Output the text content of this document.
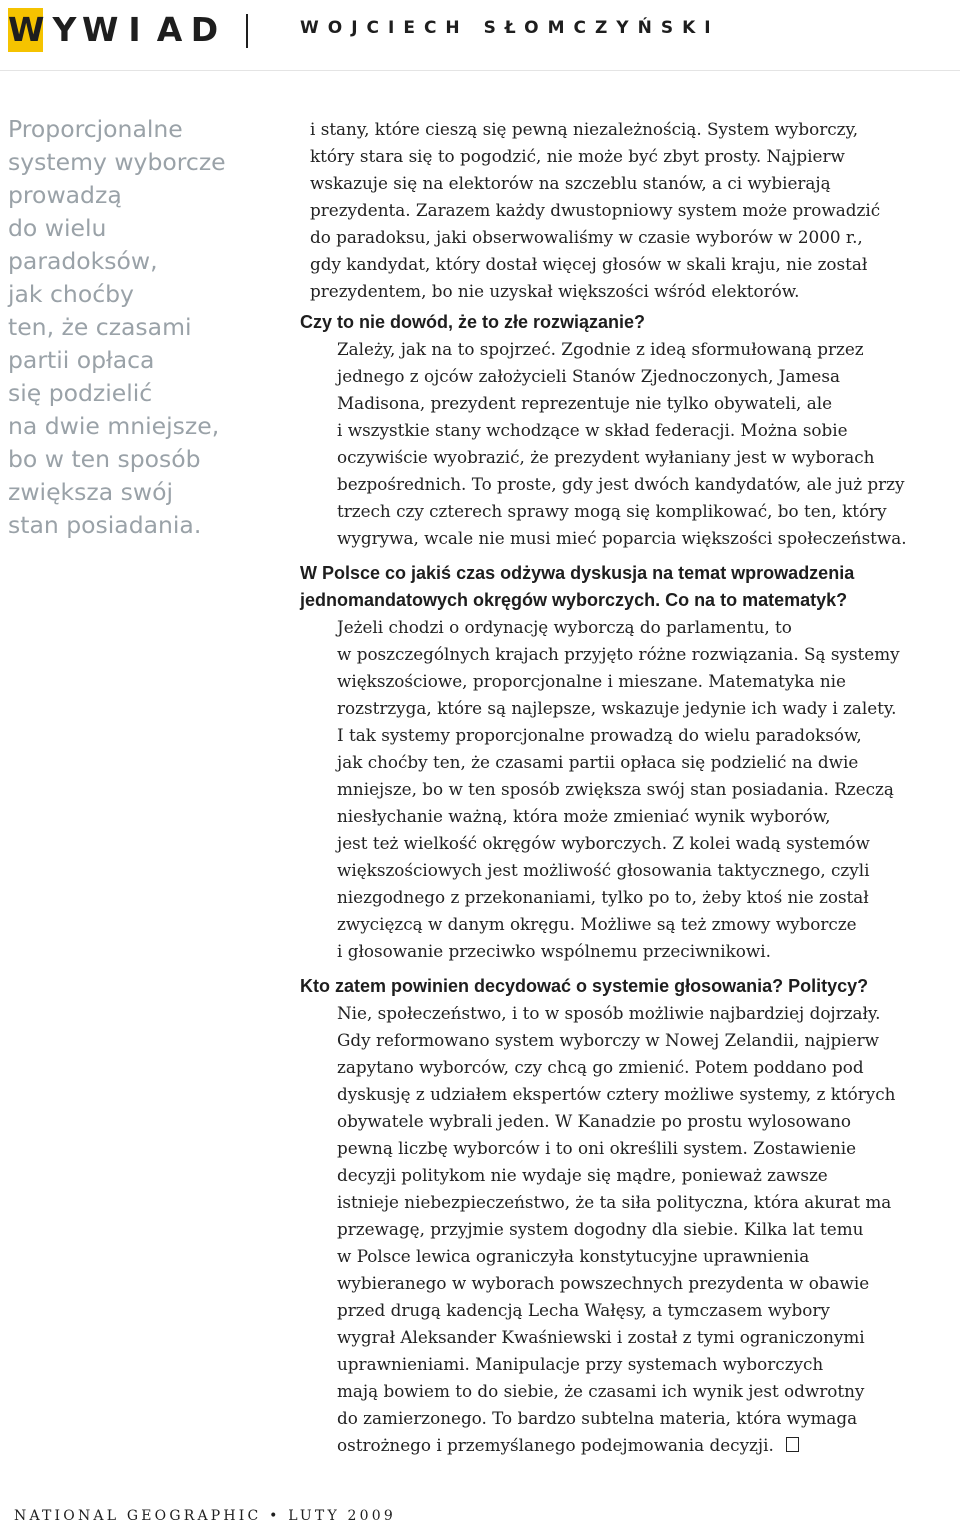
W Y W I A D	WOJCIECH SŁOMCZYŃSKI
Proporcjonalne
systemy wyborcze
prowadzą
do wielu
paradoksów,
jak choćby
ten, że czasami
partii opłaca
się podzielić
na dwie mniejsze,
bo w ten sposób
zwiększa swój
stan posiadania.

i stany, które cieszą się pewną niezależnością. System wyborczy,
który stara się to pogodzić, nie może być zbyt prosty. Najpierw
wskazuje się na elektorów na szczeblu stanów, a ci wybierają
prezydenta. Zarazem każdy dwustopniowy system może prowadzić
do paradoksu, jaki obserwowaliśmy w czasie wyborów w 2000 r.,
gdy kandydat, który dostał więcej głosów w skali kraju, nie został
prezydentem, bo nie uzyskał większości wśród elektorów.

Czy to nie dowód, że to złe rozwiązanie?

Zależy, jak na to spojrzeć. Zgodnie z ideą sformułowaną przez
jednego z ojców założycieli Stanów Zjednoczonych, Jamesa
Madisona, prezydent reprezentuje nie tylko obywateli, ale
i wszystkie stany wchodzące w skład federacji. Można sobie
oczywiście wyobrazić, że prezydent wyłaniany jest w wyborach
bezpośrednich. To proste, gdy jest dwóch kandydatów, ale już przy
trzech czy czterech sprawy mogą się komplikować, bo ten, który
wygrywa, wcale nie musi mieć poparcia większości społeczeństwa.

W Polsce co jakiś czas odżywa dyskusja na temat wprowadzenia
jednomandatowych okręgów wyborczych. Co na to matematyk?

Jeżeli chodzi o ordynację wyborczą do parlamentu, to
w poszczególnych krajach przyjęto różne rozwiązania. Są systemy
większościowe, proporcjonalne i mieszane. Matematyka nie
rozstrzyga, które są najlepsze, wskazuje jedynie ich wady i zalety.
I tak systemy proporcjonalne prowadzą do wielu paradoksów,
jak choćby ten, że czasami partii opłaca się podzielić na dwie
mniejsze, bo w ten sposób zwiększa swój stan posiadania. Rzeczą
niesłychanie ważną, która może zmieniać wynik wyborów,
jest też wielkość okręgów wyborczych. Z kolei wadą systemów
większościowych jest możliwość głosowania taktycznego, czyli
niezgodnego z przekonaniami, tylko po to, żeby ktoś nie został
zwycięzcą w danym okręgu. Możliwe są też zmowy wyborcze
i głosowanie przeciwko wspólnemu przeciwnikowi.

Kto zatem powinien decydować o systemie głosowania? Politycy?

Nie, społeczeństwo, i to w sposób możliwie najbardziej dojrzały.
Gdy reformowano system wyborczy w Nowej Zelandii, najpierw
zapytano wyborców, czy chcą go zmienić. Potem poddano pod
dyskusję z udziałem ekspertów cztery możliwe systemy, z których
obywatele wybrali jeden. W Kanadzie po prostu wylosowano
pewną liczbę wyborców i to oni określili system. Zostawienie
decyzji politykom nie wydaje się mądre, ponieważ zawsze
istnieje niebezpieczeństwo, że ta siła polityczna, która akurat ma
przewagę, przyjmie system dogodny dla siebie. Kilka lat temu
w Polsce lewica ograniczyła konstytucyjne uprawnienia
wybieranego w wyborach powszechnych prezydenta w obawie
przed drugą kadencją Lecha Wałęsy, a tymczasem wybory
wygrał Aleksander Kwaśniewski i został z tymi ograniczonymi
uprawnieniami. Manipulacje przy systemach wyborczych
mają bowiem to do siebie, że czasami ich wynik jest odwrotny
do zamierzonego. To bardzo subtelna materia, która wymaga
ostrożnego i przemyślanego podejmowania decyzji.

NATIONAL GEOGRAPHIC • LUTY 2009
